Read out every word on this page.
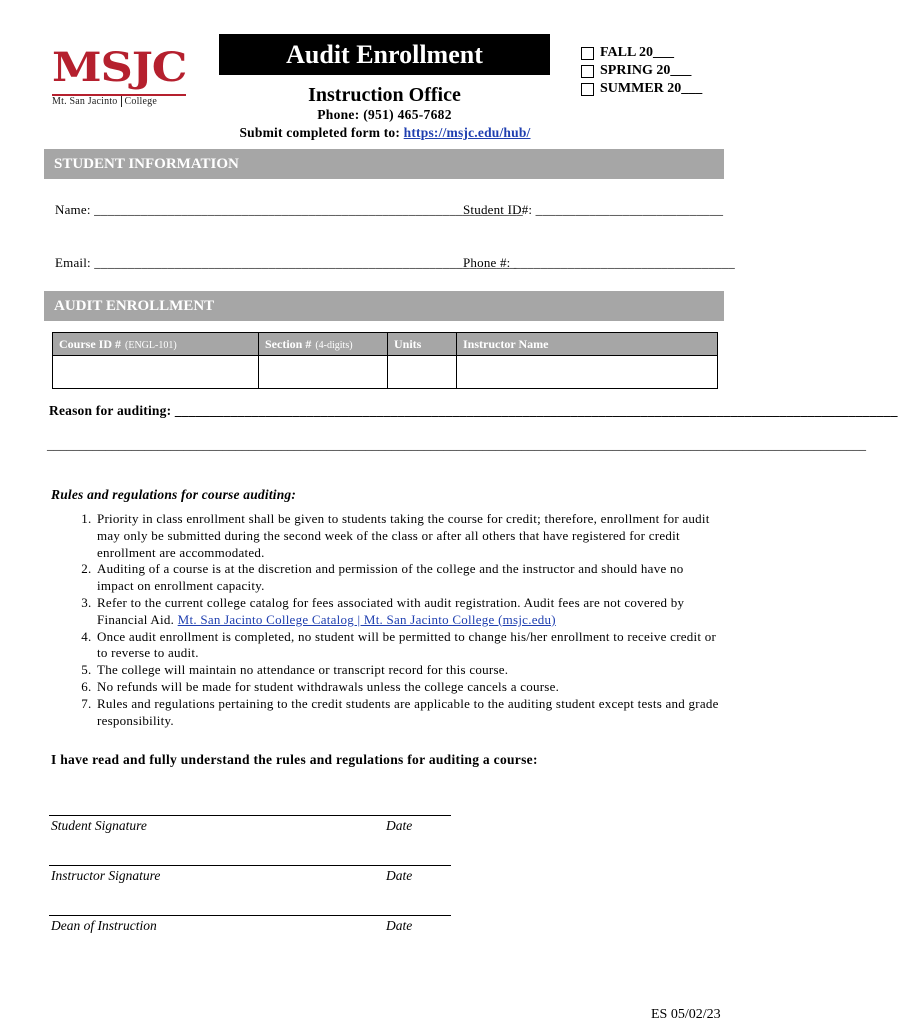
MSJC
Mt. San Jacinto College
Audit Enrollment
Instruction Office
Phone: (951) 465-7682
Submit completed form to: https://msjc.edu/hub/
FALL 20___
SPRING 20___
SUMMER 20___
STUDENT INFORMATION
Name: ________________________________________________________________
Student ID#: ____________________________
Email: _______________________________________________________________
Phone #: _________________________________
AUDIT ENROLLMENT
Course ID # (ENGL-101)	Section # (4-digits)	Units	Instructor Name

Reason for auditing: ________________________________________________________________________________________________________
______________________________________________________________________________________________________________________________
Rules and regulations for course auditing:
1. Priority in class enrollment shall be given to students taking the course for credit; therefore, enrollment for audit may only be submitted during the second week of the class or after all others that have registered for credit enrollment are accommodated.
2. Auditing of a course is at the discretion and permission of the college and the instructor and should have no impact on enrollment capacity.
3. Refer to the current college catalog for fees associated with audit registration. Audit fees are not covered by Financial Aid. Mt. San Jacinto College Catalog | Mt. San Jacinto College (msjc.edu)
4. Once audit enrollment is completed, no student will be permitted to change his/her enrollment to receive credit or to reverse to audit.
5. The college will maintain no attendance or transcript record for this course.
6. No refunds will be made for student withdrawals unless the college cancels a course.
7. Rules and regulations pertaining to the credit students are applicable to the auditing student except tests and grade responsibility.
I have read and fully understand the rules and regulations for auditing a course:
Student Signature	Date
Instructor Signature	Date
Dean of Instruction	Date
ES 05/02/23
